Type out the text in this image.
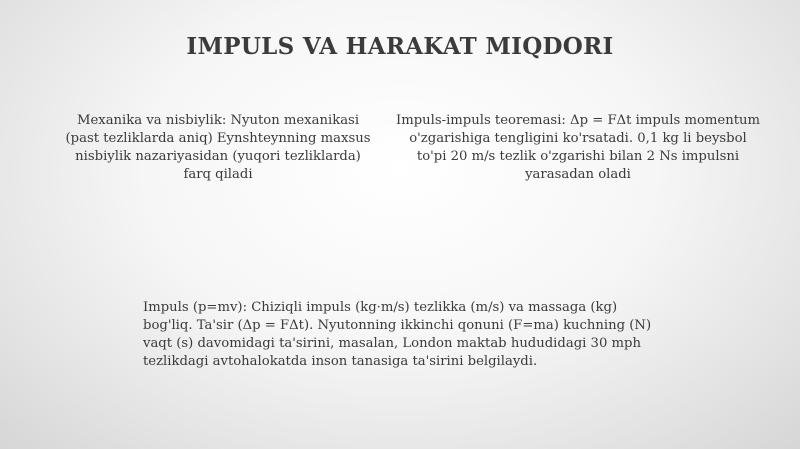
IMPULS VA HARAKAT MIQDORI
Mexanika va nisbiylik: Nyuton mexanikasi (past tezliklarda aniq) Eynshteynning maxsus nisbiylik nazariyasidan (yuqori tezliklarda) farq qiladi
Impuls-impuls teoremasi: Δp = FΔt impuls momentum o'zgarishiga tengligini ko'rsatadi. 0,1 kg li beysbol to'pi 20 m/s tezlik o'zgarishi bilan 2 Ns impulsni yarasadan oladi
Impuls (p=mv): Chiziqli impuls (kg·m/s) tezlikka (m/s) va massaga (kg) bog'liq. Ta'sir (Δp = FΔt). Nyutonning ikkinchi qonuni (F=ma) kuchning (N) vaqt (s) davomidagi ta'sirini, masalan, London maktab hududidagi 30 mph tezlikdagi avtohalokatda inson tanasiga ta'sirini belgilaydi.
